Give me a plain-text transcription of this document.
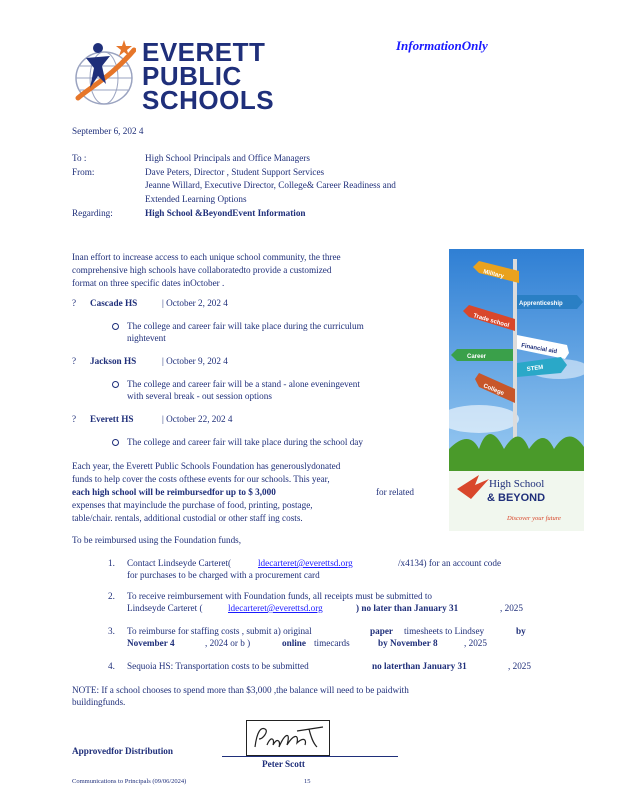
EVERETT
PUBLIC
SCHOOLS
InformationOnly
September 6, 202 4
To :	High School Principals and Office Managers
From:	Dave Peters, Director , Student Support Services
Jeanne Willard, Executive Director, College& Career Readiness and
Extended Learning Options
Regarding:	High School &BeyondEvent Information
Inan effort to increase access to each unique school community, the three
comprehensive high schools have collaboratedto provide a customized
format on three specific dates inOctober .
? Cascade HS	| October 2, 202 4
The college and career fair will take place during the curriculum
nightevent
? Jackson HS	| October 9, 202 4
The college and career fair will be a stand - alone eveningevent
with several break - out session options
? Everett HS	| October 22, 202 4
The college and career fair will take place during the school day
Each year, the Everett Public Schools Foundation has generouslydonated
funds to help cover the costs ofthese events for our schools. This year,
each high school will be reimbursedfor up to $ 3,000	for related
expenses that mayinclude the purchase of food, printing, postage,
table/chair. rentals, additional custodial or other staff ing costs.
Military
Apprenticeship
Trade school
Financial aid
Career
STEM
College
High School
& BEYOND
Discover your future
To be reimbursed using the Foundation funds,
1. Contact Lindseyde Carteret(	ldecarteret@everettsd.org	/x4134) for an account code
for purchases to be charged with a procurement card
2. To receive reimbursement with Foundation funds, all receipts must be submitted to
Lindseyde Carteret (	ldecarteret@everettsd.org	) no later than January 31	, 2025
3. To reimburse for staffing costs , submit a) original	paper timesheets to Lindsey	by
November 4	, 2024 or b )	online timecards	by November 8	, 2025
4. Sequoia HS: Transportation costs to be submitted	no laterthan January 31	, 2025
NOTE: If a school chooses to spend more than $3,000 ,the balance will need to be paidwith
buildingfunds.
Approvedfor Distribution
Peter Scott
Communications to Principals (09/06/2024)	15
